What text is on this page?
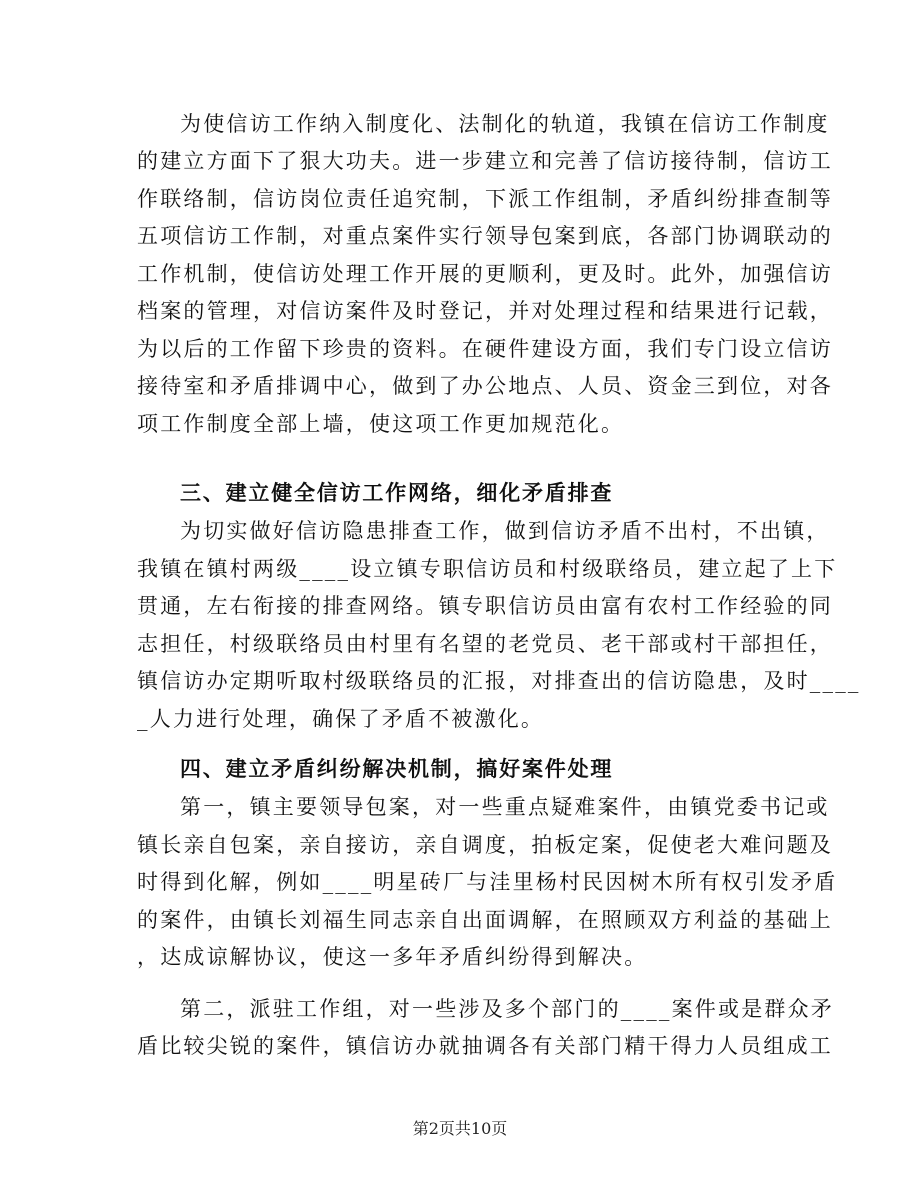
为使信访工作纳入制度化、法制化的轨道，我镇在信访工作制度
的建立方面下了狠大功夫。进一步建立和完善了信访接待制，信访工
作联络制，信访岗位责任追究制，下派工作组制，矛盾纠纷排查制等
五项信访工作制，对重点案件实行领导包案到底，各部门协调联动的
工作机制，使信访处理工作开展的更顺利，更及时。此外，加强信访
档案的管理，对信访案件及时登记，并对处理过程和结果进行记载，
为以后的工作留下珍贵的资料。在硬件建设方面，我们专门设立信访
接待室和矛盾排调中心，做到了办公地点、人员、资金三到位，对各
项工作制度全部上墙，使这项工作更加规范化。
三、建立健全信访工作网络，细化矛盾排查
为切实做好信访隐患排查工作，做到信访矛盾不出村，不出镇，
我镇在镇村两级____设立镇专职信访员和村级联络员，建立起了上下
贯通，左右衔接的排查网络。镇专职信访员由富有农村工作经验的同
志担任，村级联络员由村里有名望的老党员、老干部或村干部担任，
镇信访办定期听取村级联络员的汇报，对排查出的信访隐患，及时____
_人力进行处理，确保了矛盾不被激化。
四、建立矛盾纠纷解决机制，搞好案件处理
第一，镇主要领导包案，对一些重点疑难案件，由镇党委书记或
镇长亲自包案，亲自接访，亲自调度，拍板定案，促使老大难问题及
时得到化解，例如____明星砖厂与洼里杨村民因树木所有权引发矛盾
的案件，由镇长刘福生同志亲自出面调解，在照顾双方利益的基础上
，达成谅解协议，使这一多年矛盾纠纷得到解决。
第二，派驻工作组，对一些涉及多个部门的____案件或是群众矛
盾比较尖锐的案件，镇信访办就抽调各有关部门精干得力人员组成工
第2页共10页
